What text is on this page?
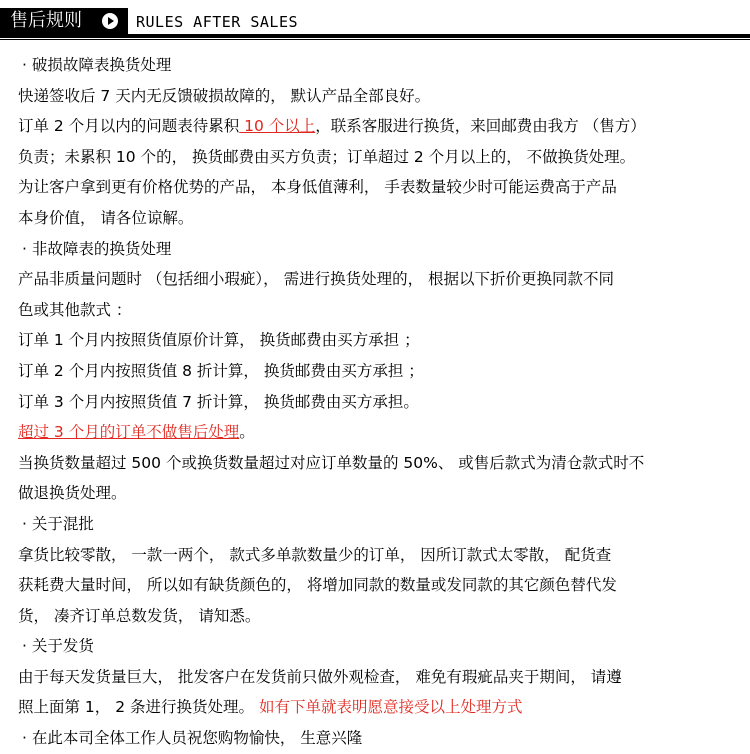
售后规则	RULES AFTER SALES
· 破损故障表换货处理
快递签收后 7 天内无反馈破损故障的， 默认产品全部良好。
订单 2 个月以内的问题表待累积 10 个以上，联系客服进行换货，来回邮费由我方 （售方）
负责；未累积 10 个的， 换货邮费由买方负责；订单超过 2 个月以上的， 不做换货处理。
为让客户拿到更有价格优势的产品， 本身低值薄利， 手表数量较少时可能运费高于产品
本身价值， 请各位谅解。
· 非故障表的换货处理
产品非质量问题时 （包括细小瑕疵）， 需进行换货处理的， 根据以下折价更换同款不同
色或其他款式 ：
订单 1 个月内按照货值原价计算， 换货邮费由买方承担 ；
订单 2 个月内按照货值 8 折计算， 换货邮费由买方承担 ；
订单 3 个月内按照货值 7 折计算， 换货邮费由买方承担。
超过 3 个月的订单不做售后处理。
当换货数量超过 500 个或换货数量超过对应订单数量的 50%、 或售后款式为清仓款式时不
做退换货处理。
· 关于混批
拿货比较零散， 一款一两个， 款式多单款数量少的订单， 因所订款式太零散， 配货查
获耗费大量时间， 所以如有缺货颜色的， 将增加同款的数量或发同款的其它颜色替代发
货， 凑齐订单总数发货， 请知悉。
· 关于发货
由于每天发货量巨大， 批发客户在发货前只做外观检查， 难免有瑕疵品夹于期间， 请遵
照上面第 1， 2 条进行换货处理。 如有下单就表明愿意接受以上处理方式
· 在此本司全体工作人员祝您购物愉快， 生意兴隆
